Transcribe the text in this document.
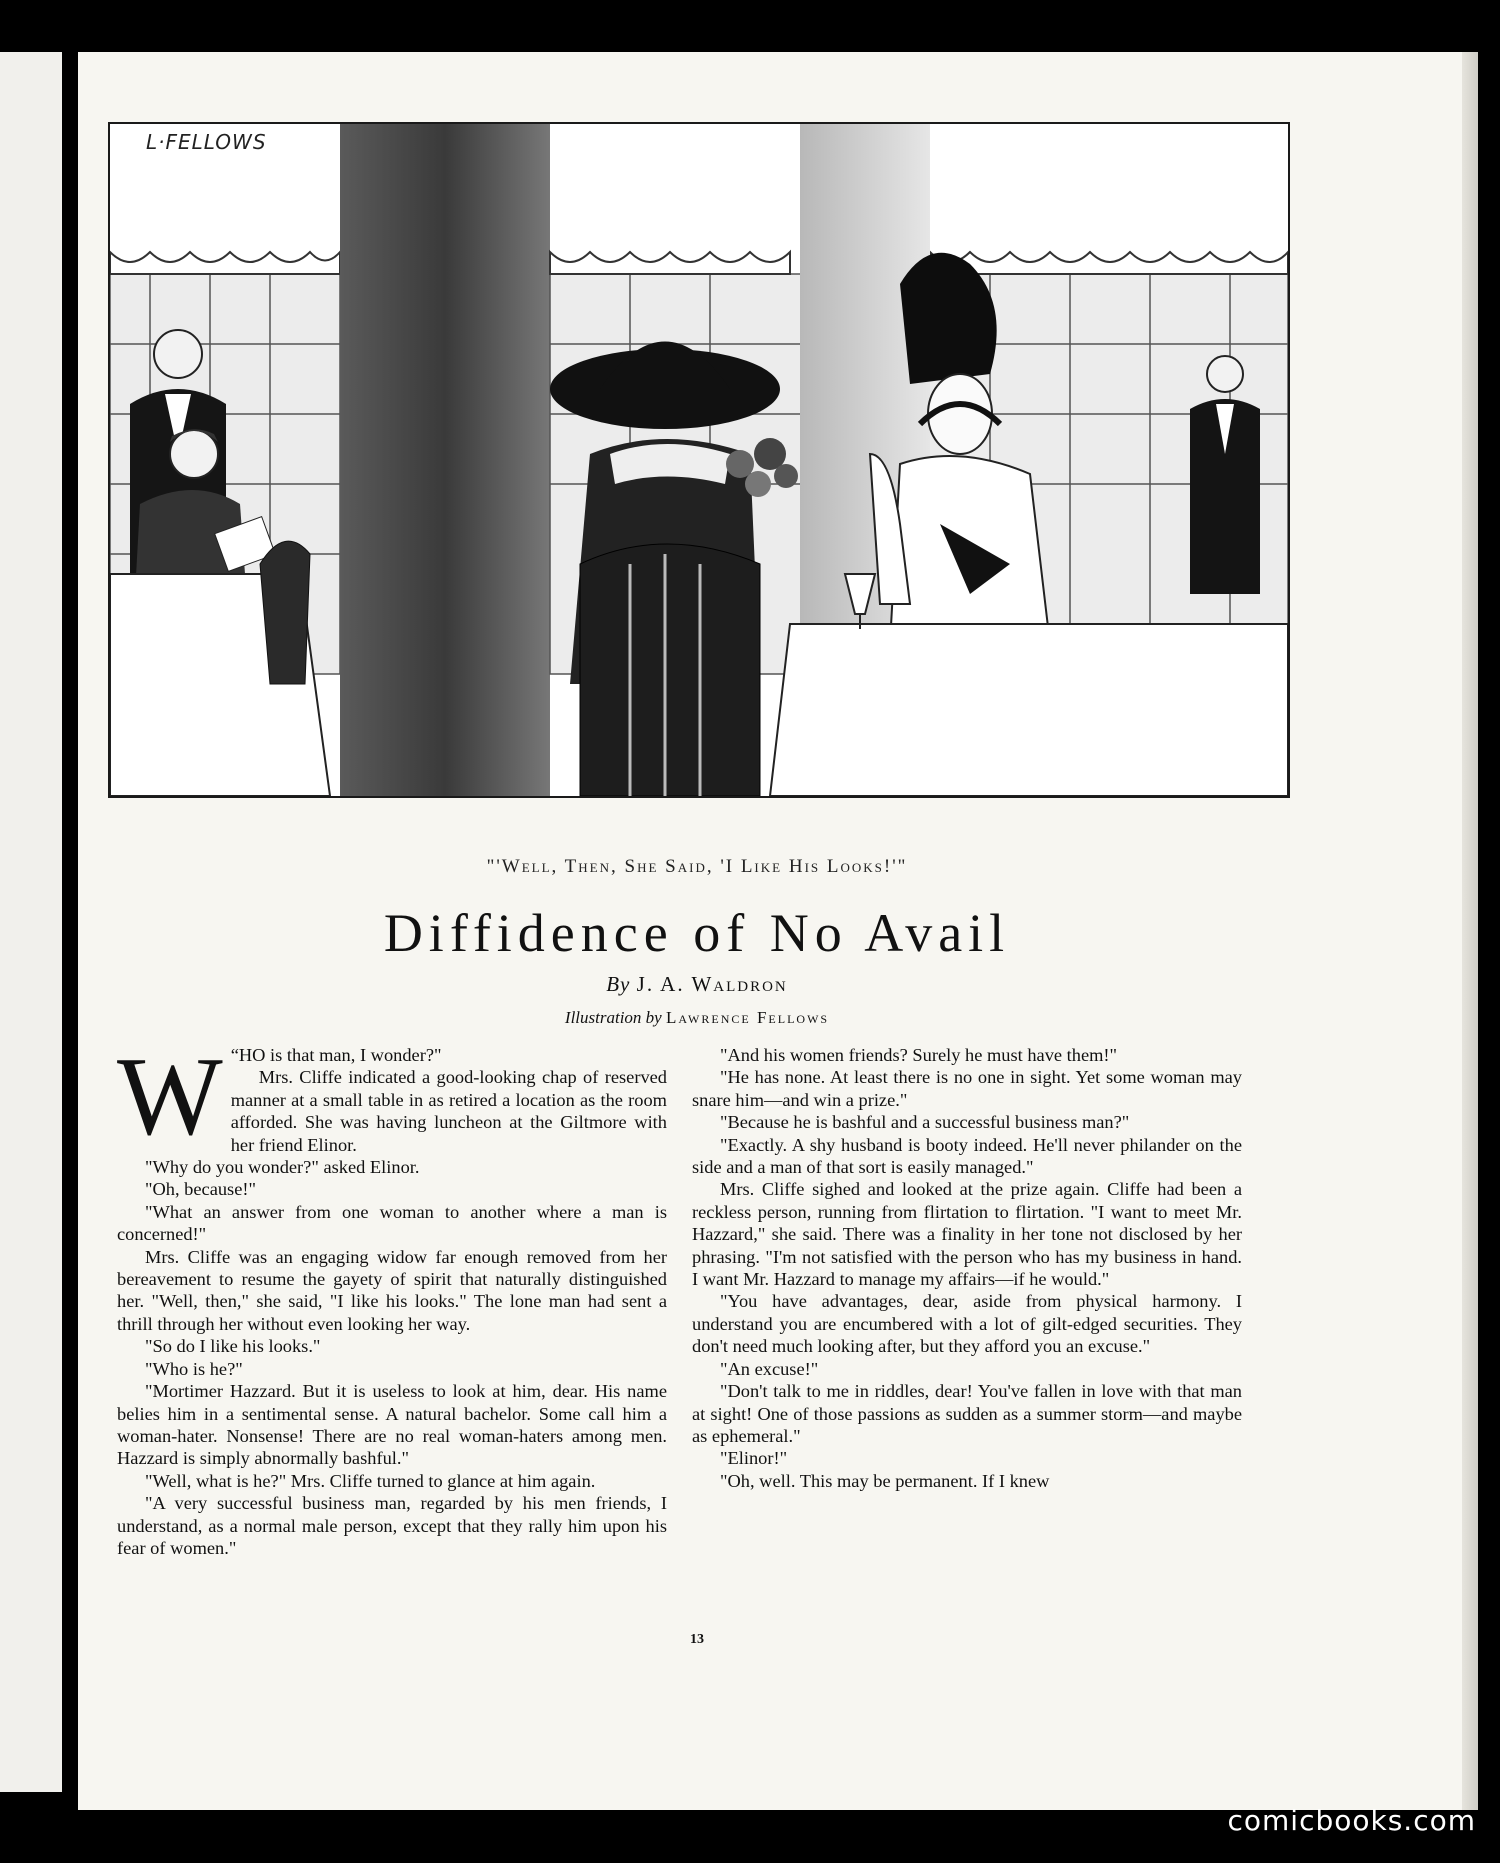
L·FELLOWS
"'Well, Then, She Said, 'I Like His Looks!'"
Diffidence of No Avail
By J. A. Waldron
Illustration by Lawrence Fellows

“
W HO is that man, I wonder?"

Mrs. Cliffe indicated a good-looking chap of reserved manner at a small table in as retired a location as the room afforded. She was having luncheon at the Giltmore with her friend Elinor.

"Why do you wonder?" asked Elinor.

"Oh, because!"

"What an answer from one woman to another where a man is concerned!"

Mrs. Cliffe was an engaging widow far enough removed from her bereavement to resume the gayety of spirit that naturally distinguished her. "Well, then," she said, "I like his looks." The lone man had sent a thrill through her without even looking her way.

"So do I like his looks."

"Who is he?"

"Mortimer Hazzard. But it is useless to look at him, dear. His name belies him in a sentimental sense. A natural bachelor. Some call him a woman-hater. Nonsense! There are no real woman-haters among men. Hazzard is simply abnormally bashful."

"Well, what is he?" Mrs. Cliffe turned to glance at him again.

"A very successful business man, regarded by his men friends, I understand, as a normal male person, except that they rally him upon his fear of women."

"And his women friends? Surely he must have them!"

"He has none. At least there is no one in sight. Yet some woman may snare him—and win a prize."

"Because he is bashful and a successful business man?"

"Exactly. A shy husband is booty indeed. He'll never philander on the side and a man of that sort is easily managed."

Mrs. Cliffe sighed and looked at the prize again. Cliffe had been a reckless person, running from flirtation to flirtation. "I want to meet Mr. Hazzard," she said. There was a finality in her tone not disclosed by her phrasing. "I'm not satisfied with the person who has my business in hand. I want Mr. Hazzard to manage my affairs—if he would."

"You have advantages, dear, aside from physical harmony. I understand you are encumbered with a lot of gilt-edged securities. They don't need much looking after, but they afford you an excuse."

"An excuse!"

"Don't talk to me in riddles, dear! You've fallen in love with that man at sight! One of those passions as sudden as a summer storm—and maybe as ephemeral."

"Elinor!"

"Oh, well. This may be permanent. If I knew

13
comicbooks.com
